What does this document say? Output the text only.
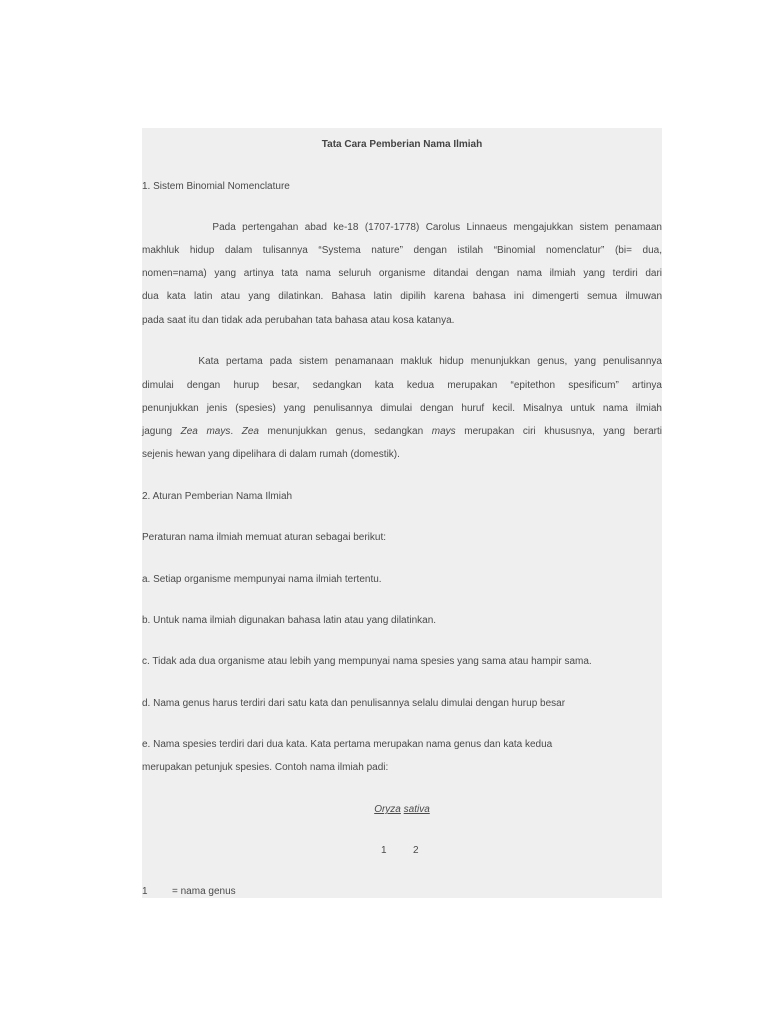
Tata Cara Pemberian Nama Ilmiah
1. Sistem Binomial Nomenclature
Pada pertengahan abad ke-18 (1707-1778) Carolus Linnaeus mengajukkan sistem penamaan
makhluk hidup dalam tulisannya “Systema nature” dengan istilah “Binomial nomenclatur” (bi= dua,
nomen=nama) yang artinya tata nama seluruh organisme ditandai dengan nama ilmiah yang terdiri dari
dua kata latin atau yang dilatinkan. Bahasa latin dipilih karena bahasa ini dimengerti semua ilmuwan
pada saat itu dan tidak ada perubahan tata bahasa atau kosa katanya.
Kata pertama pada sistem penamanaan makluk hidup menunjukkan genus, yang penulisannya
dimulai dengan hurup besar, sedangkan kata kedua merupakan “epitethon spesificum” artinya
penunjukkan jenis (spesies) yang penulisannya dimulai dengan huruf kecil. Misalnya untuk nama ilmiah
jagung Zea mays. Zea menunjukkan genus, sedangkan mays merupakan ciri khususnya, yang berarti
sejenis hewan yang dipelihara di dalam rumah (domestik).
2. Aturan Pemberian Nama Ilmiah
Peraturan nama ilmiah memuat aturan sebagai berikut:
a. Setiap organisme mempunyai nama ilmiah tertentu.
b. Untuk nama ilmiah digunakan bahasa latin atau yang dilatinkan.
c. Tidak ada dua organisme atau lebih yang mempunyai nama spesies yang sama atau hampir sama.
d. Nama genus harus terdiri dari satu kata dan penulisannya selalu dimulai dengan hurup besar
e. Nama spesies terdiri dari dua kata. Kata pertama merupakan nama genus dan kata kedua
merupakan petunjuk spesies. Contoh nama ilmiah padi:
Oryza sativa
1	2
1 = nama genus
